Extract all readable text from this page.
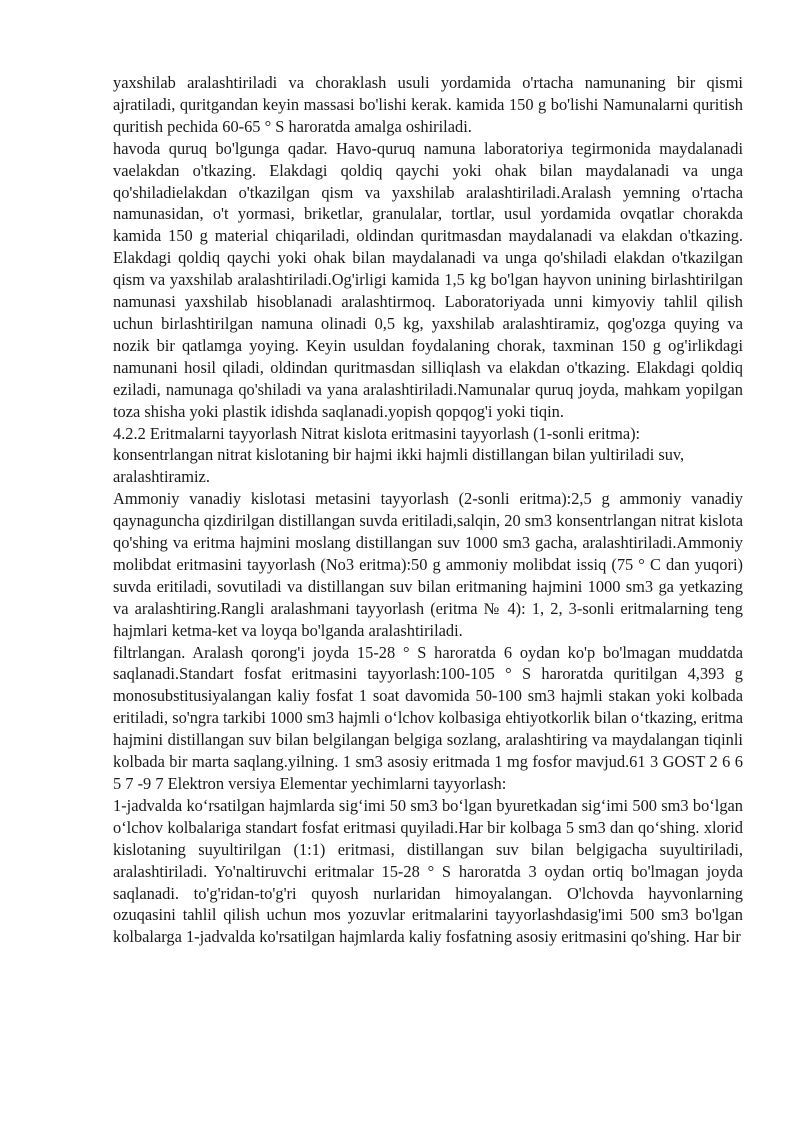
yaxshilab aralashtiriladi va choraklash usuli yordamida o'rtacha namunaning bir qismi ajratiladi, quritgandan keyin massasi bo'lishi kerak. kamida 150 g bo'lishi Namunalarni quritish quritish pechida 60-65 ° S haroratda amalga oshiriladi.

havoda quruq bo'lgunga qadar. Havo-quruq namuna laboratoriya tegirmonida maydalanadi vaelakdan o'tkazing. Elakdagi qoldiq qaychi yoki ohak bilan maydalanadi va unga qo'shiladielakdan o'tkazilgan qism va yaxshilab aralashtiriladi.Aralash yemning o'rtacha namunasidan, o't yormasi, briketlar, granulalar, tortlar, usul yordamida ovqatlar chorakda kamida 150 g material chiqariladi, oldindan quritmasdan maydalanadi va elakdan o'tkazing. Elakdagi qoldiq qaychi yoki ohak bilan maydalanadi va unga qo'shiladi elakdan o'tkazilgan qism va yaxshilab aralashtiriladi.Og'irligi kamida 1,5 kg bo'lgan hayvon unining birlashtirilgan namunasi yaxshilab hisoblanadi aralashtirmoq. Laboratoriyada unni kimyoviy tahlil qilish uchun birlashtirilgan namuna olinadi 0,5 kg, yaxshilab aralashtiramiz, qog'ozga quying va nozik bir qatlamga yoying. Keyin usuldan foydalaning chorak, taxminan 150 g og'irlikdagi namunani hosil qiladi, oldindan quritmasdan silliqlash va elakdan o'tkazing. Elakdagi qoldiq eziladi, namunaga qo'shiladi va yana aralashtiriladi.Namunalar quruq joyda, mahkam yopilgan toza shisha yoki plastik idishda saqlanadi.yopish qopqog'i yoki tiqin.

4.2.2 Eritmalarni tayyorlash Nitrat kislota eritmasini tayyorlash (1-sonli eritma):

konsentrlangan nitrat kislotaning bir hajmi ikki hajmli distillangan bilan yultiriladi suv, aralashtiramiz.

Ammoniy vanadiy kislotasi metasini tayyorlash (2-sonli eritma):2,5 g ammoniy vanadiy qaynaguncha qizdirilgan distillangan suvda eritiladi,salqin, 20 sm3 konsentrlangan nitrat kislota qo'shing va eritma hajmini moslang distillangan suv 1000 sm3 gacha, aralashtiriladi.Ammoniy molibdat eritmasini tayyorlash (No3 eritma):50 g ammoniy molibdat issiq (75 ° C dan yuqori) suvda eritiladi, sovutiladi va distillangan suv bilan eritmaning hajmini 1000 sm3 ga yetkazing va aralashtiring.Rangli aralashmani tayyorlash (eritma № 4): 1, 2, 3-sonli eritmalarning teng hajmlari ketma-ket va loyqa bo'lganda aralashtiriladi.

filtrlangan. Aralash qorong'i joyda 15-28 ° S haroratda 6 oydan ko'p bo'lmagan muddatda saqlanadi.Standart fosfat eritmasini tayyorlash:100-105 ° S haroratda quritilgan 4,393 g monosubstitusiyalangan kaliy fosfat 1 soat davomida 50-100 sm3 hajmli stakan yoki kolbada eritiladi, so'ngra tarkibi 1000 sm3 hajmli o‘lchov kolbasiga ehtiyotkorlik bilan o‘tkazing, eritma hajmini distillangan suv bilan belgilangan belgiga sozlang, aralashtiring va maydalangan tiqinli kolbada bir marta saqlang.yilning. 1 sm3 asosiy eritmada 1 mg fosfor mavjud.61 3 GOST 2 6 6 5 7 -9 7 Elektron versiya Elementar yechimlarni tayyorlash:

1-jadvalda ko‘rsatilgan hajmlarda sig‘imi 50 sm3 bo‘lgan byuretkadan sig‘imi 500 sm3 bo‘lgan o‘lchov kolbalariga standart fosfat eritmasi quyiladi.Har bir kolbaga 5 sm3 dan qo‘shing. xlorid kislotaning suyultirilgan (1:1) eritmasi, distillangan suv bilan belgigacha suyultiriladi, aralashtiriladi. Yo'naltiruvchi eritmalar 15-28 ° S haroratda 3 oydan ortiq bo'lmagan joyda saqlanadi. to'g'ridan-to'g'ri quyosh nurlaridan himoyalangan. O'lchovda hayvonlarning ozuqasini tahlil qilish uchun mos yozuvlar eritmalarini tayyorlashdasig'imi 500 sm3 bo'lgan kolbalarga 1-jadvalda ko'rsatilgan hajmlarda kaliy fosfatning asosiy eritmasini qo'shing. Har bir
